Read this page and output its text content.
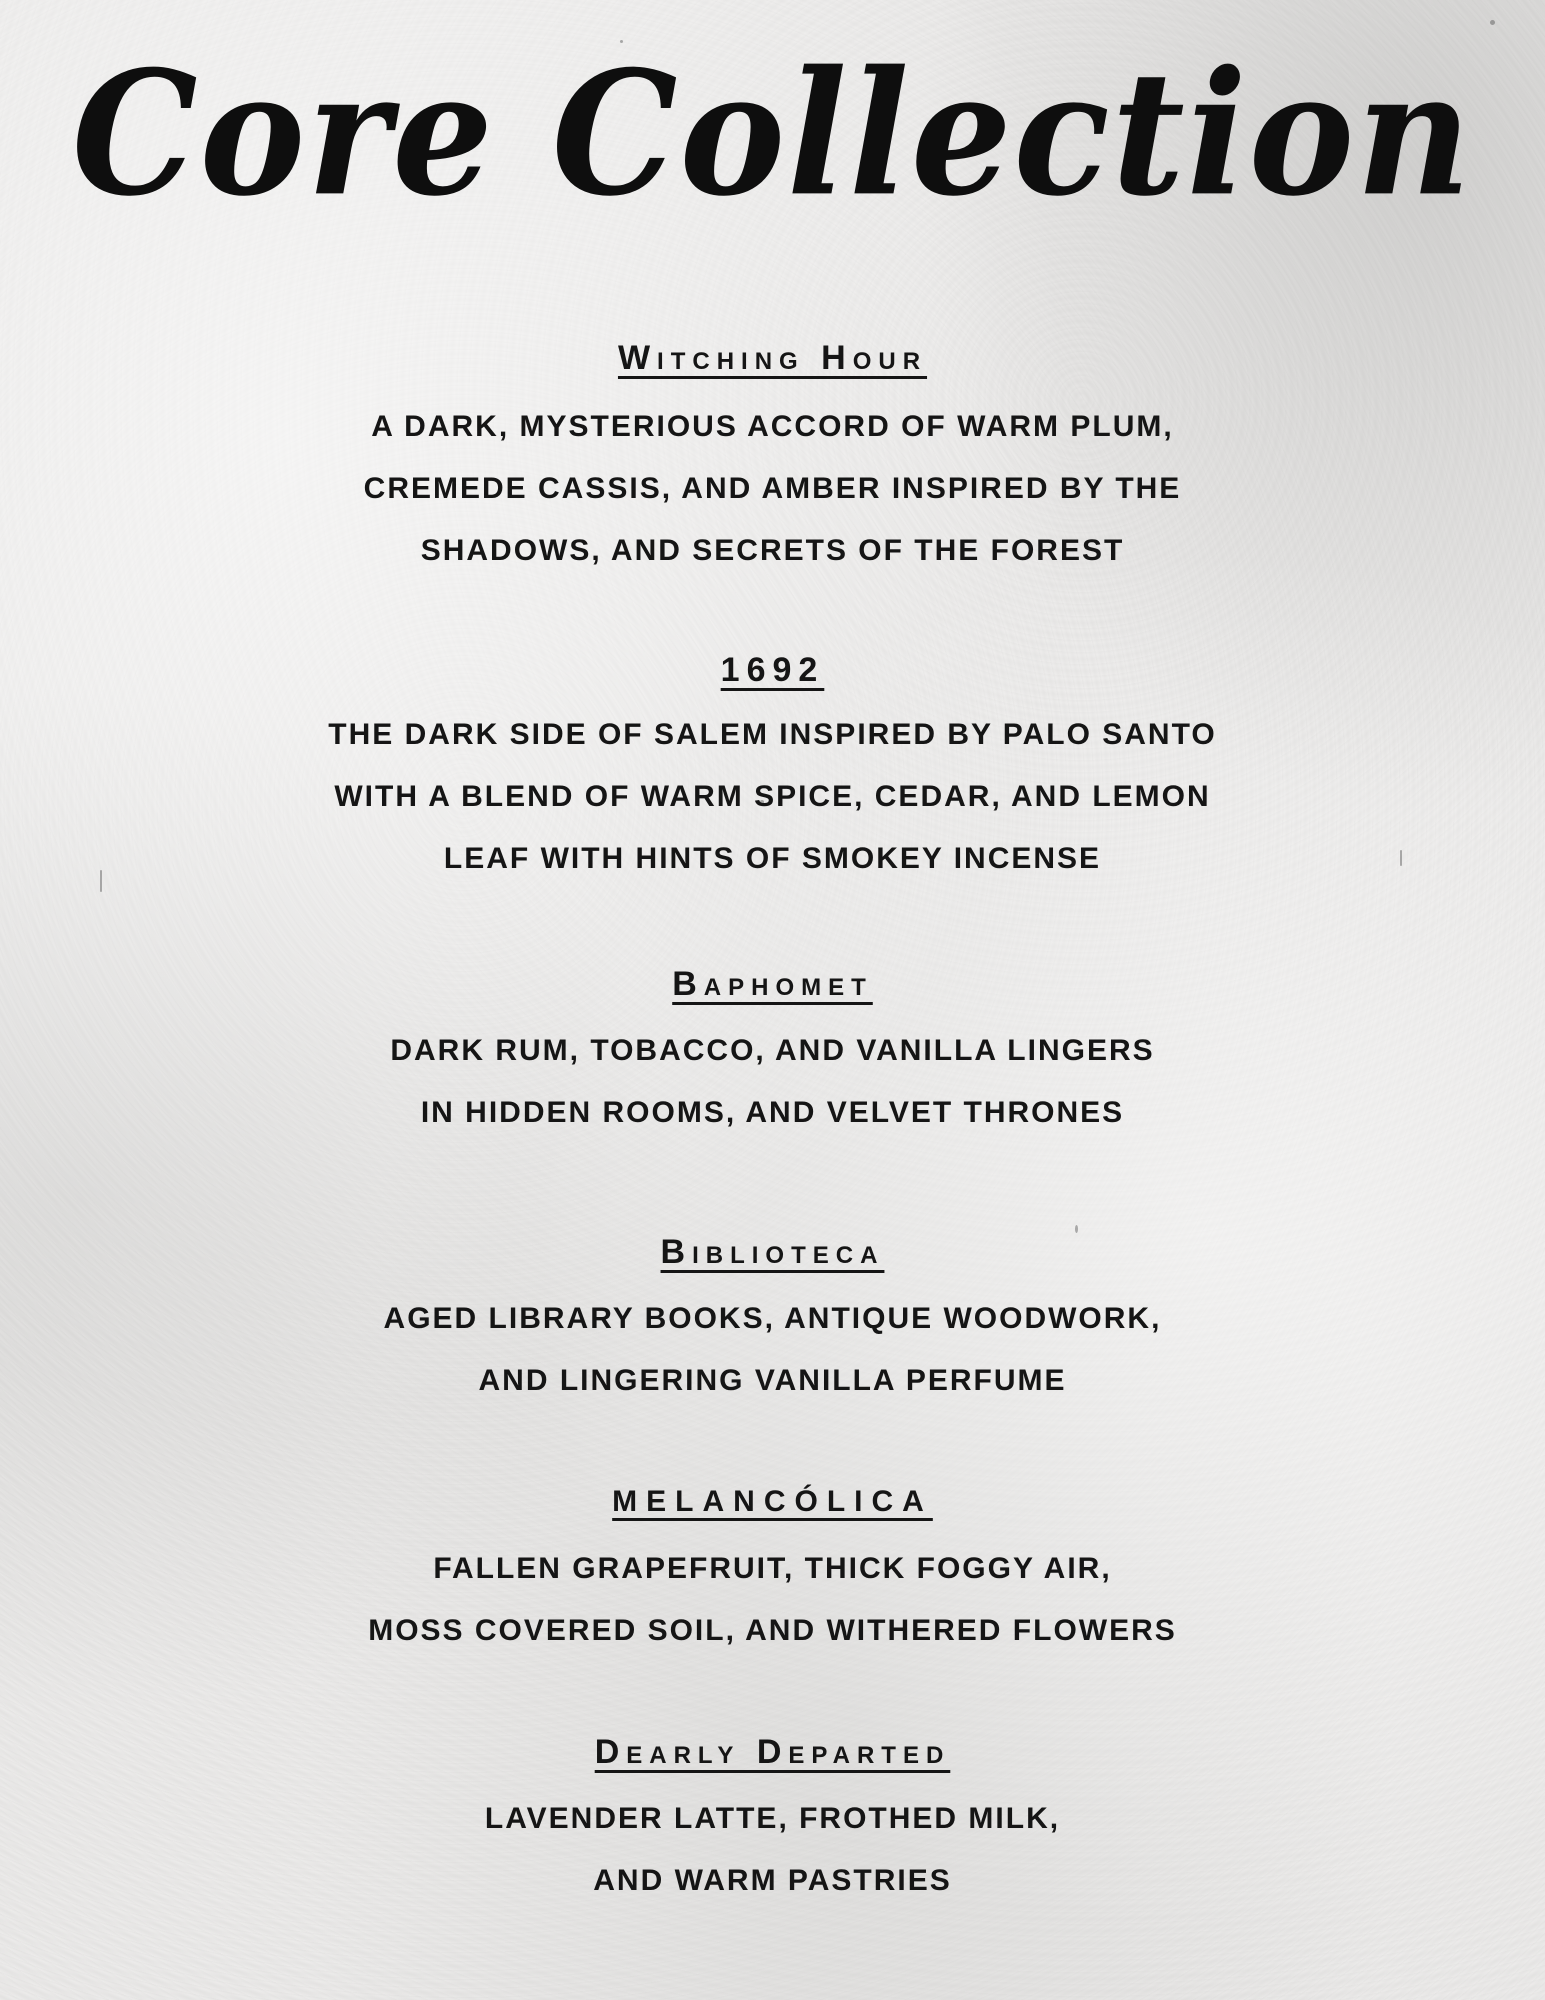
Core Collection
Witching Hour

A DARK, MYSTERIOUS ACCORD OF WARM PLUM,

CREMEDE CASSIS, AND AMBER INSPIRED BY THE

SHADOWS, AND SECRETS OF THE FOREST

1692

THE DARK SIDE OF SALEM INSPIRED BY PALO SANTO

WITH A BLEND OF WARM SPICE, CEDAR, AND LEMON

LEAF WITH HINTS OF SMOKEY INCENSE

Baphomet

DARK RUM, TOBACCO, AND VANILLA LINGERS

IN HIDDEN ROOMS, AND VELVET THRONES

Biblioteca

AGED LIBRARY BOOKS, ANTIQUE WOODWORK,

AND LINGERING VANILLA PERFUME

MELANCÓLICA

FALLEN GRAPEFRUIT, THICK FOGGY AIR,

MOSS COVERED SOIL, AND WITHERED FLOWERS

Dearly Departed

LAVENDER LATTE, FROTHED MILK,

AND WARM PASTRIES
